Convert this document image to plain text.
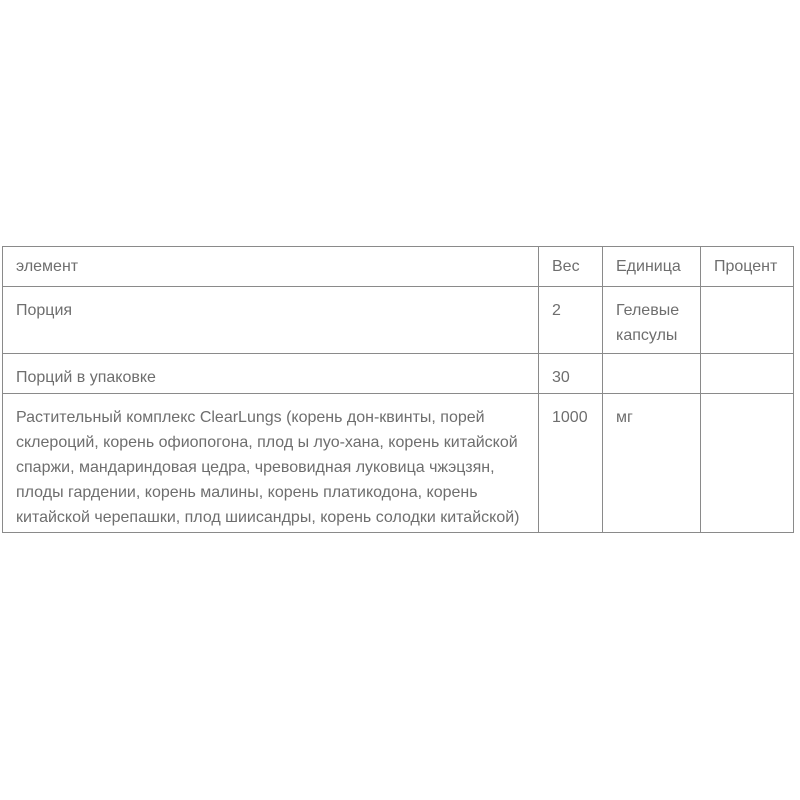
элемент	Вес	Единица	Процент
Порция	2	Гелевые капсулы	
Порций в упаковке	30		
Растительный комплекс ClearLungs (корень дон-квинты, порей склероций, корень офиопогона, плод ы луо-хана, корень китайской спаржи, мандариндовая цедра, чревовидная луковица чжэцзян, плоды гардении, корень малины, корень платикодона, корень китайской черепашки, плод шиисандры, корень солодки китайской)	1000	мг	
